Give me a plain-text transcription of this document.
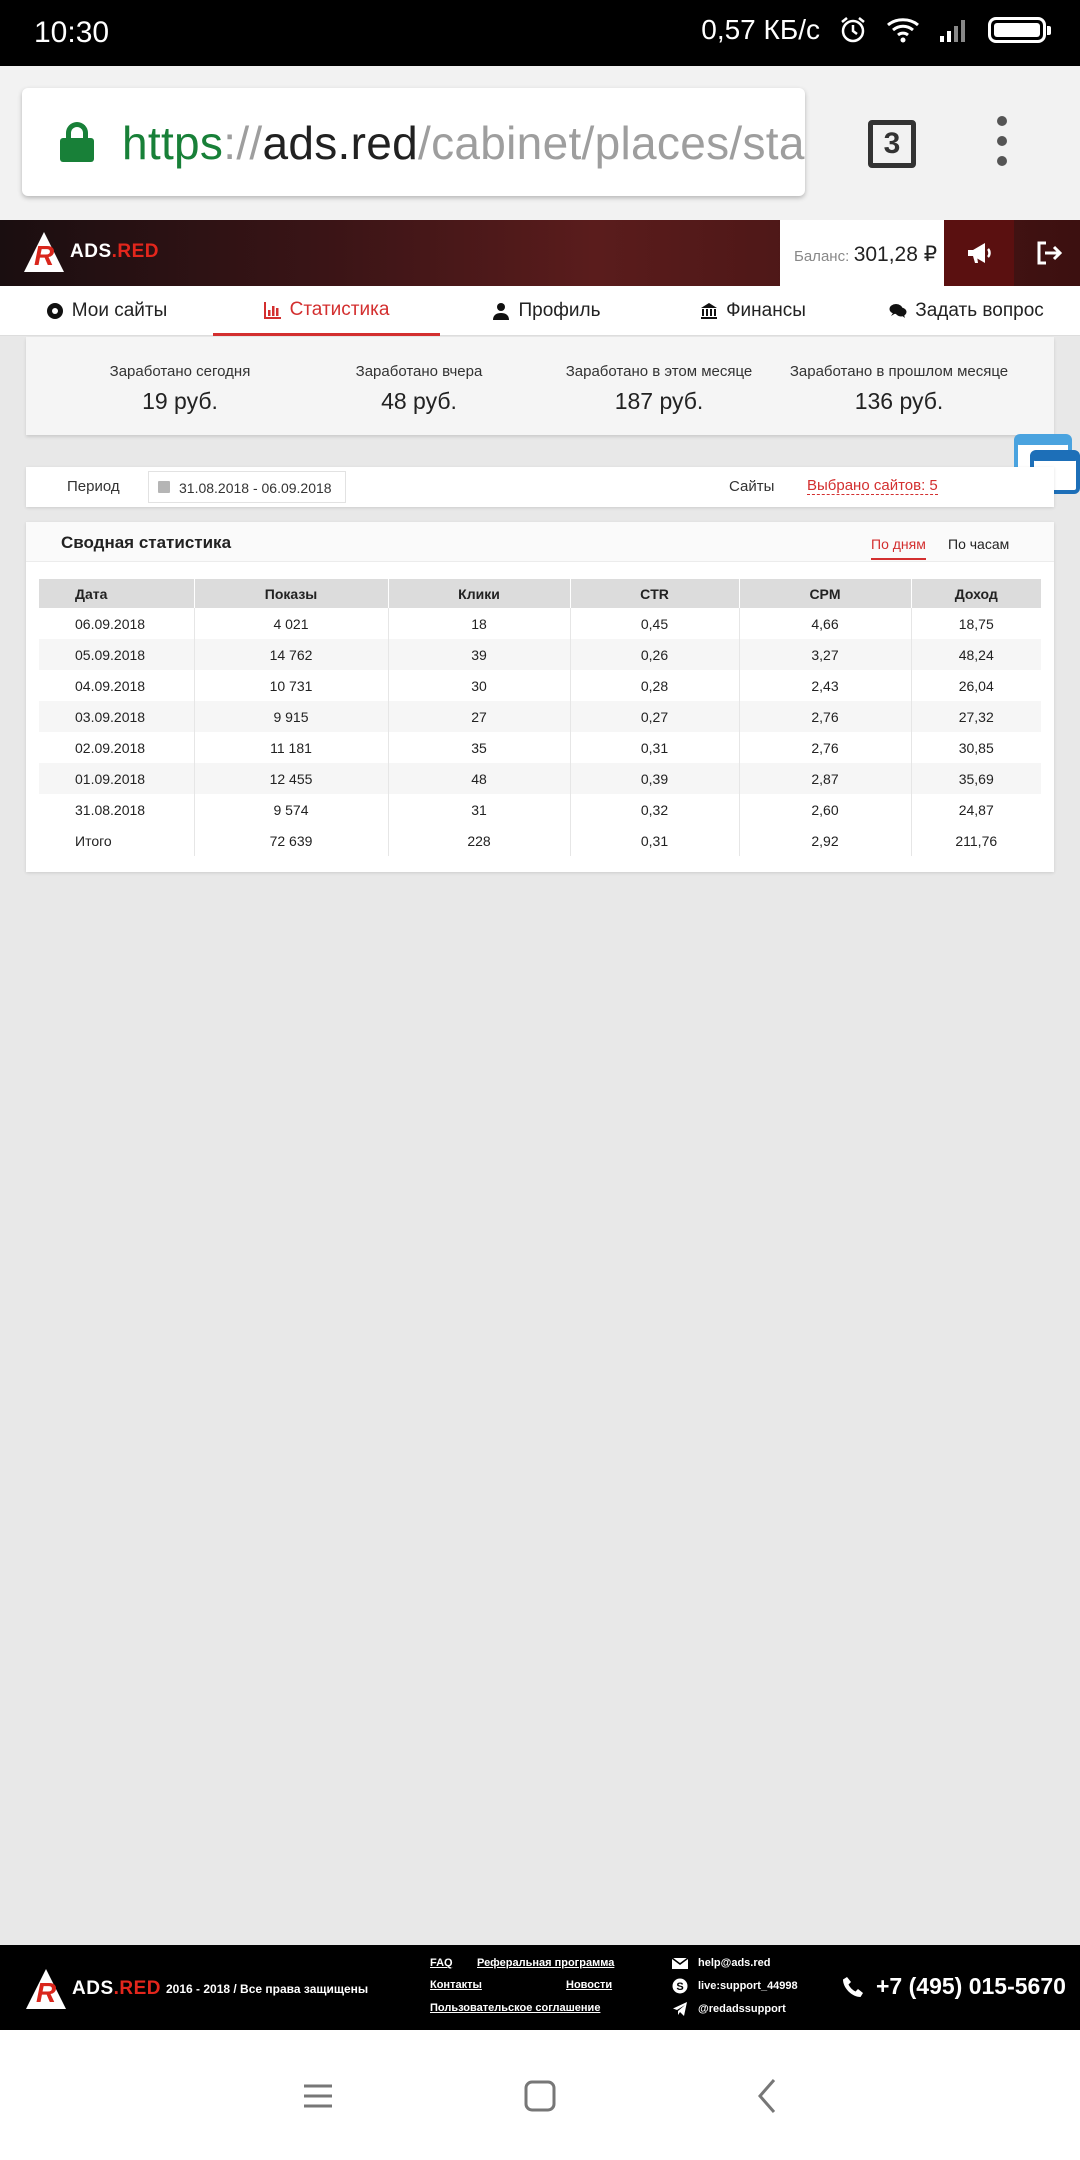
10:30	0,57 КБ/с
https://ads.red/cabinet/places/sta	3
R ADS.RED	Баланс: 301,28 ₽
Мои сайты	Статистика	Профиль	Финансы	Задать вопрос
Заработано сегодня
19 руб.
Заработано вчера
48 руб.
Заработано в этом месяце
187 руб.
Заработано в прошлом месяце
136 руб.
Период	31.08.2018 - 06.09.2018	Сайты Выбрано сайтов: 5
Сводная статистика	По дням По часам
Дата	Показы	Клики	CTR	CPM	Доход
06.09.2018	4 021	18	0,45	4,66	18,75
05.09.2018	14 762	39	0,26	3,27	48,24
04.09.2018	10 731	30	0,28	2,43	26,04
03.09.2018	9 915	27	0,27	2,76	27,32
02.09.2018	11 181	35	0,31	2,76	30,85
01.09.2018	12 455	48	0,39	2,87	35,69
31.08.2018	9 574	31	0,32	2,60	24,87
Итого	72 639	228	0,31	2,92	211,76
R ADS.RED 2016 - 2018 / Все права защищены
FAQ Реферальная программа
Контакты	Новости
Пользовательское соглашение
help@ads.red
S live:support_44998
@redadssupport
+7 (495) 015-5670
